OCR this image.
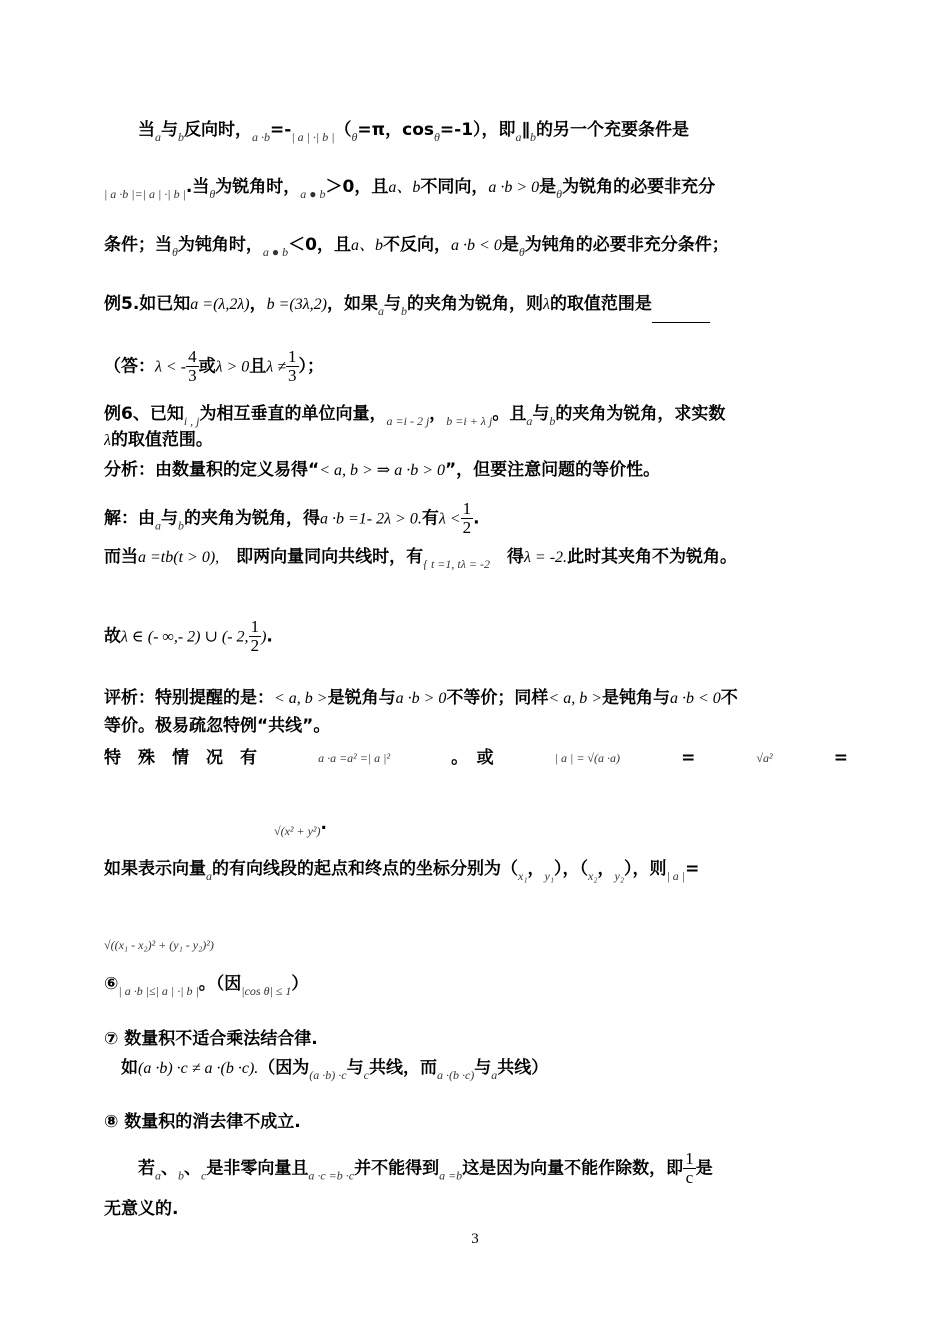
　　当$_a$与$_b$反向时，$_{a \cdot b}=-_{| a | \cdot| b |}(_\theta=\pi$，$\cos_\theta=-1$），即$_a\parallel_b$的另一个充要条件是
$_{| a \cdot b |=| a | \cdot| b |}$.当$_\theta$为锐角时，$_{a ● b}$＞0，且a、b不同向，a ·b > 0是$_\theta$为锐角的必要非充分
条件；当$_\theta$为钝角时，$_{a ● b}$＜0，且a、b不反向，a ·b < 0是$_\theta$为钝角的必要非充分条件；
例5.如已知a =(λ,2λ)，b =(3λ,2)，如果$_a$与$_b$的夹角为锐角，则λ的取值范围是
（答：λ < - $\frac{4}{3}$ 或λ > 0且$\lambda \ne \frac{1}{3}$ ）；
例6、已知$_{i , j}$为相互垂直的单位向量，$_{a =i - 2 j}$，$_{b =i + \lambda j}$。且$_a$与$_b$的夹角为锐角，求实数
λ的取值范围。
分析：由数量积的定义易得“< a, b > ⇒ a ·b > 0”，但要注意问题的等价性。
解：由$_a$与$_b$的夹角为锐角，得a ·b =1- 2λ > 0.有$\lambda < \frac{1}{2}$ .
而当a =tb(t > 0),　即两向量同向共线时，有$_{\{ t =1, t\lambda = -2}$　得λ = -2.此时其夹角不为锐角。
故λ ∈ (- ∞,- 2) ∪ (- 2, $\frac{1}{2}$ ).
评析：特别提醒的是：< a, b >是锐角与a ·b > 0不等价；同样< a, b >是钝角与a ·b < 0不
等价。极易疏忽特例“共线”。
特　殊　情　况　有	a ·a =a² =| a |²	。　或	| a | = √(a ·a)	=	√a²	=
　　　　　　　　　　$_{√(x^2 + y^2)}$.
如果表示向量$_a$的有向线段的起点和终点的坐标分别为（$_{x_1}$，$_{y_1}$），（$_{x_2}$，$_{y_2}$），则$_{| a |}$=
$_{√((x_1 - x_2)^2 + (y_1 - y_2)^2)}$
$⑥_{| a \cdot b |\le| a | \cdot| b |}$。（因$_{|cos \theta| \le 1}$）
⑦ 数量积不适合乘法结合律.
　如(a ·b) ·c ≠ a ·(b ·c).（因为$_{(a \cdot b) \cdot c}$与$_c$共线，而$_{a \cdot(b \cdot c)}$与$_a$共线）
⑧ 数量积的消去律不成立.
　　若$_a$、$_b$、$_c$是非零向量且$_{a \cdot c =b \cdot c}$并不能得到$_{a =b}$这是因为向量不能作除数，即 $\frac{1}{c}$ 是
无意义的.
3
